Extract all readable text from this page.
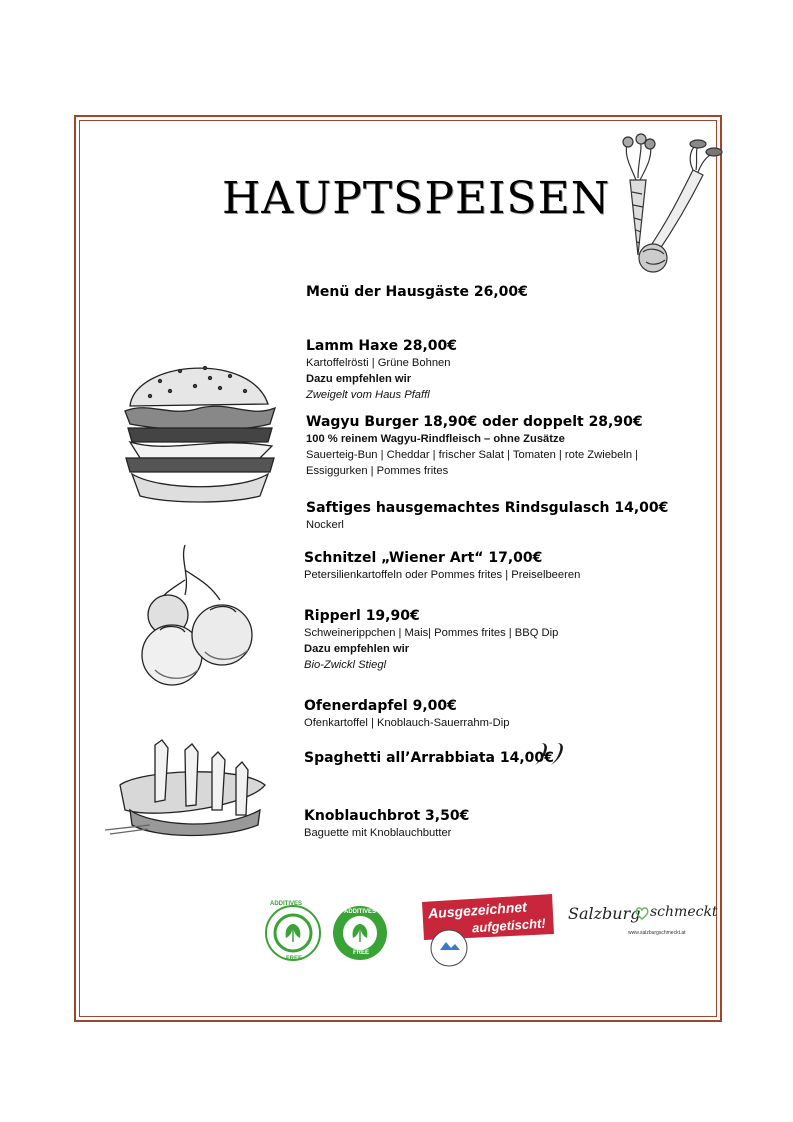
HAUPTSPEISEN
Menü der Hausgäste 26,00€
Lamm Haxe 28,00€
Kartoffelrösti | Grüne Bohnen
Dazu empfehlen wir
Zweigelt vom Haus Pfaffl
Wagyu Burger 18,90€ oder doppelt 28,90€
100 % reinem Wagyu-Rindfleisch – ohne Zusätze
Sauerteig-Bun | Cheddar | frischer Salat | Tomaten | rote Zwiebeln |
Essiggurken | Pommes frites
Saftiges hausgemachtes Rindsgulasch 14,00€
Nockerl
Schnitzel „Wiener Art“ 17,00€
Petersilienkartoffeln oder Pommes frites | Preiselbeeren
Ripperl 19,90€
Schweinerippchen | Mais| Pommes frites | BBQ Dip
Dazu empfehlen wir
Bio-Zwickl Stiegl
Ofenerdapfel 9,00€
Ofenkartoffel | Knoblauch-Sauerrahm-Dip
Spaghetti all’Arrabbiata 14,00€
Knoblauchbrot 3,50€
Baguette mit Knoblauchbutter
ADDITIVES
FREE
ADDITIVES
FREE
Ausgezeichnet
aufgetischt!
Salzburg schmeckt
www.salzburgschmeckt.at
